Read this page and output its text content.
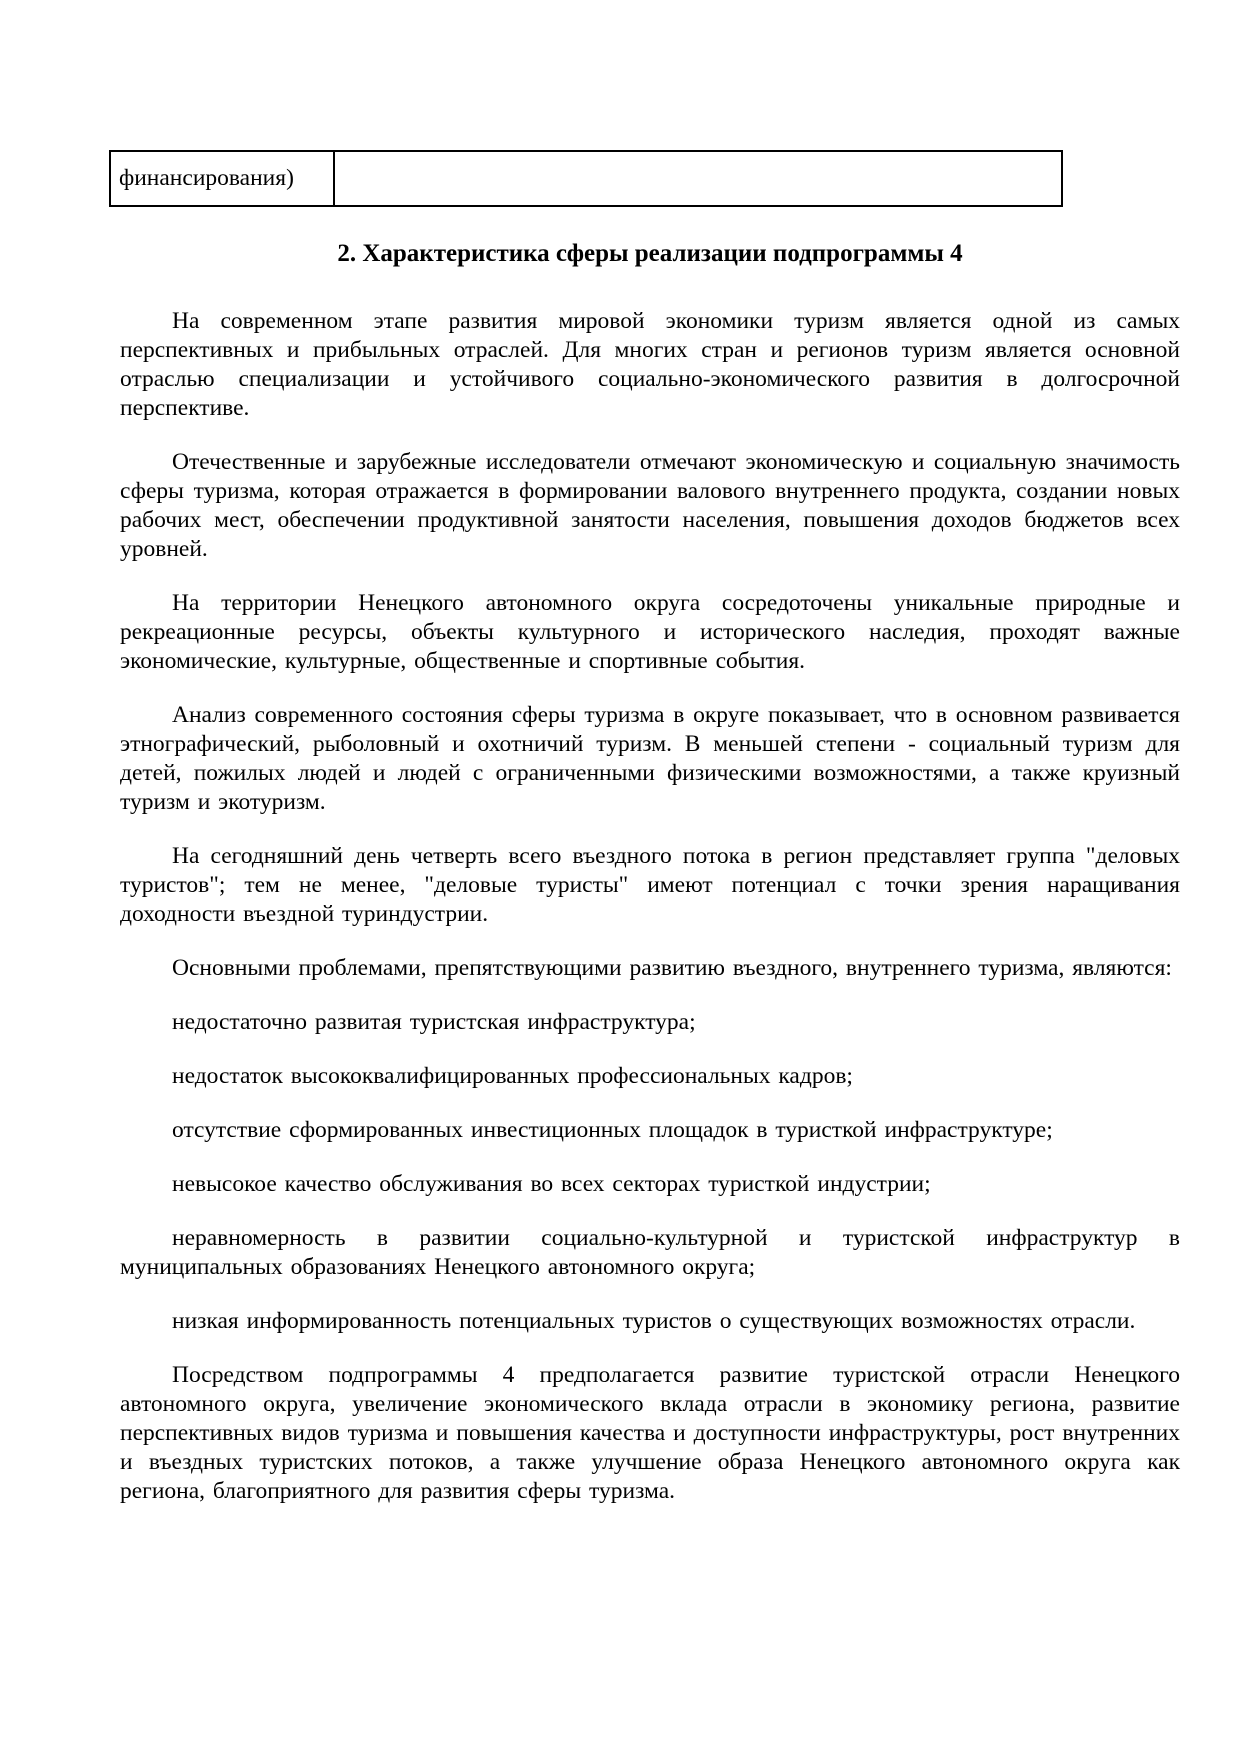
финансирования)	
2. Характеристика сферы реализации подпрограммы 4

На современном этапе развития мировой экономики туризм является одной из самых перспективных и прибыльных отраслей. Для многих стран и регионов туризм является основной отраслью специализации и устойчивого социально-экономического развития в долгосрочной перспективе.

Отечественные и зарубежные исследователи отмечают экономическую и социальную значимость сферы туризма, которая отражается в формировании валового внутреннего продукта, создании новых рабочих мест, обеспечении продуктивной занятости населения, повышения доходов бюджетов всех уровней.

На территории Ненецкого автономного округа сосредоточены уникальные природные и рекреационные ресурсы, объекты культурного и исторического наследия, проходят важные экономические, культурные, общественные и спортивные события.

Анализ современного состояния сферы туризма в округе показывает, что в основном развивается этнографический, рыболовный и охотничий туризм. В меньшей степени - социальный туризм для детей, пожилых людей и людей с ограниченными физическими возможностями, а также круизный туризм и экотуризм.

На сегодняшний день четверть всего въездного потока в регион представляет группа "деловых туристов"; тем не менее, "деловые туристы" имеют потенциал с точки зрения наращивания доходности въездной туриндустрии.

Основными проблемами, препятствующими развитию въездного, внутреннего туризма, являются:

недостаточно развитая туристская инфраструктура;

недостаток высококвалифицированных профессиональных кадров;

отсутствие сформированных инвестиционных площадок в туристкой инфраструктуре;

невысокое качество обслуживания во всех секторах туристкой индустрии;

неравномерность в развитии социально-культурной и туристской инфраструктур в муниципальных образованиях Ненецкого автономного округа;

низкая информированность потенциальных туристов о существующих возможностях отрасли.

Посредством подпрограммы 4 предполагается развитие туристской отрасли Ненецкого автономного округа, увеличение экономического вклада отрасли в экономику региона, развитие перспективных видов туризма и повышения качества и доступности инфраструктуры, рост внутренних и въездных туристских потоков, а также улучшение образа Ненецкого автономного округа как региона, благоприятного для развития сферы туризма.
